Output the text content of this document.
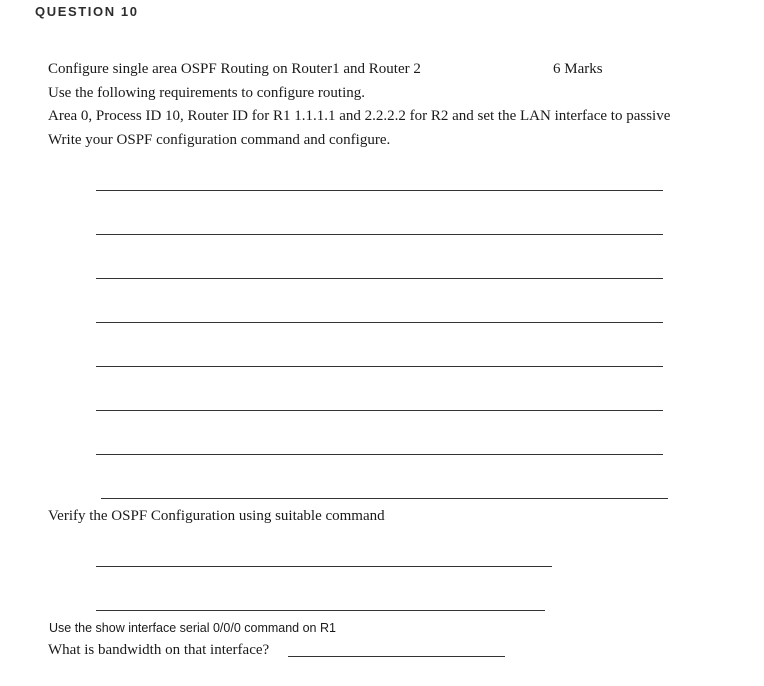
QUESTION 10
Configure single area OSPF Routing on Router1 and Router 2	6 Marks
Use the following requirements to configure routing.
Area 0, Process ID 10, Router ID for R1 1.1.1.1 and 2.2.2.2 for R2 and set the LAN interface to passive
Write your OSPF configuration command and configure.
Verify the OSPF Configuration using suitable command
Use the show interface serial 0/0/0 command on R1
What is bandwidth on that interface?
